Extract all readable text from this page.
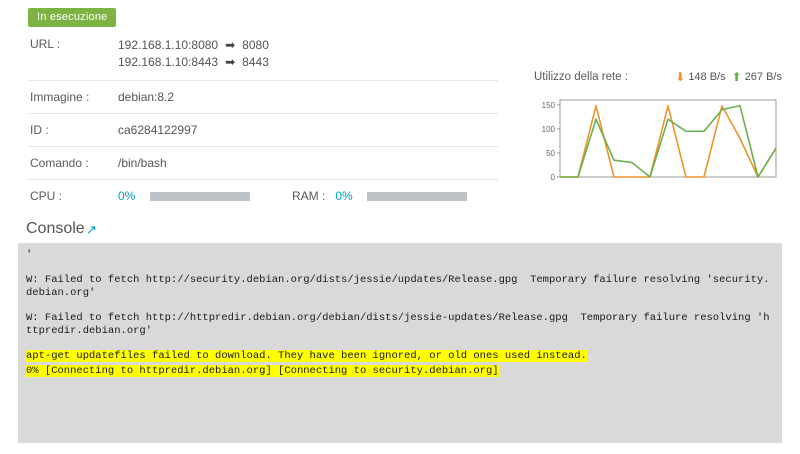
In esecuzione
URL :	192.168.1.10:8080 ➡ 8080
192.168.1.10:8443 ➡ 8443

Immagine :	debian:8.2
ID :	ca6284122997
Comando :	/bin/bash
CPU :	0% RAM : 0%
Utilizzo della rete :	⬇ 148 B/s ⬆ 267 B/s
0
50
100
150
Console ↗
'
W: Failed to fetch http://security.debian.org/dists/jessie/updates/Release.gpg  Temporary failure resolving 'security.debian.org'
W: Failed to fetch http://httpredir.debian.org/debian/dists/jessie-updates/Release.gpg  Temporary failure resolving 'httpredir.debian.org'
apt-get updatefiles failed to download. They have been ignored, or old ones used instead.
0% [Connecting to httpredir.debian.org] [Connecting to security.debian.org]
